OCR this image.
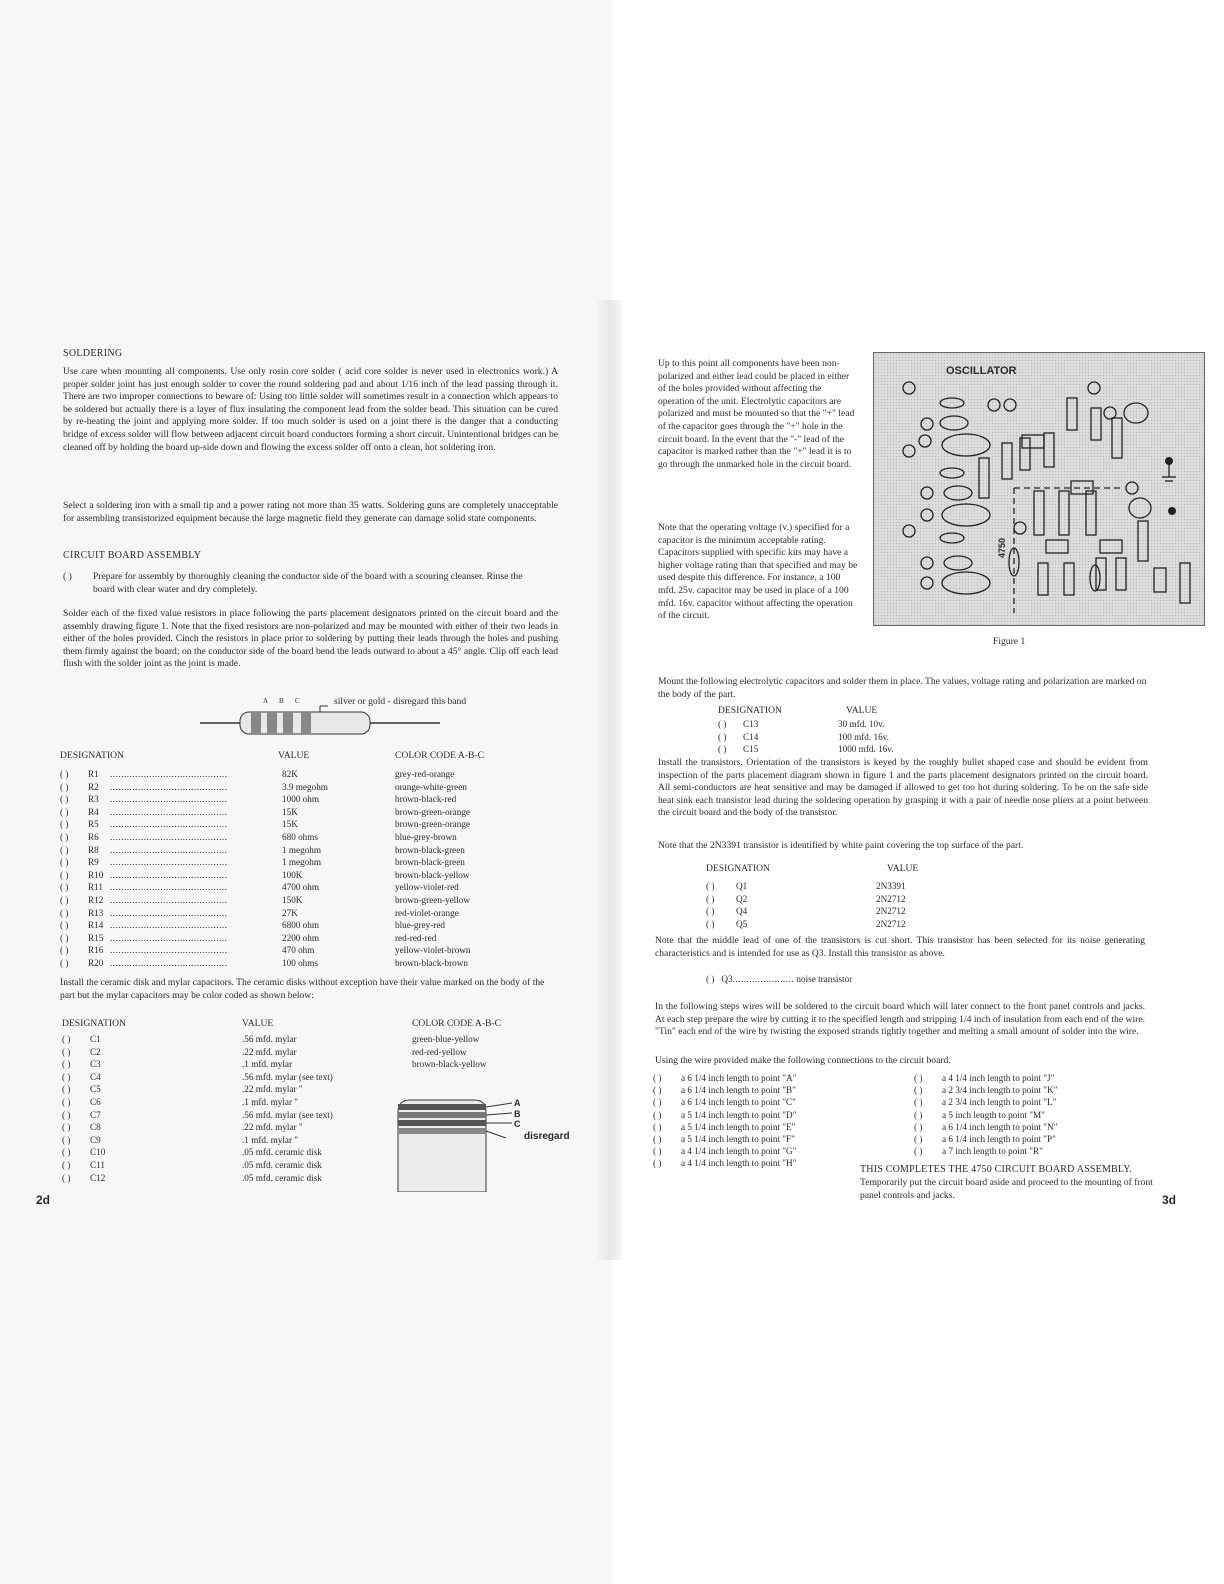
SOLDERING
Use care when mounting all components. Use only rosin core solder ( acid core solder is never used in electronics work.) A proper solder joint has just enough solder to cover the round soldering pad and about 1/16 inch of the lead passing through it. There are two improper connections to beware of: Using too little solder will sometimes result in a connection which appears to be soldered but actually there is a layer of flux insulating the component lead from the solder bead. This situation can be cured by re-heating the joint and applying more solder. If too much solder is used on a joint there is the danger that a conducting bridge of excess solder will flow between adjacent circuit board conductors forming a short circuit. Unintentional bridges can be cleaned off by holding the board up-side down and flowing the excess solder off onto a clean, hot soldering iron.
Select a soldering iron with a small tip and a power rating not more than 35 watts. Soldering guns are completely unacceptable for assembling transistorized equipment because the large magnetic field they generate can damage solid state components.
CIRCUIT BOARD ASSEMBLY
( ) Prepare for assembly by thoroughly cleaning the conductor side of the board with a scouring cleanser. Rinse the board with clear water and dry completely.
Solder each of the fixed value resistors in place following the parts placement designators printed on the circuit board and the assembly drawing figure 1. Note that the fixed resistors are non-polarized and may be mounted with either of their two leads in either of the holes provided. Cinch the resistors in place prior to soldering by putting their leads through the holes and pushing them firmly against the board; on the conductor side of the board bend the leads outward to about a 45° angle. Clip off each lead flush with the solder joint as the joint is made.
A B C	silver or gold - disregard this band
DESIGNATION	VALUE	COLOR CODE A-B-C
( ) R1 ..........................................	82K	grey-red-orange
( ) R2 ..........................................	3.9 megohm	orange-white-green
( ) R3 ..........................................	1000 ohm	brown-black-red
( ) R4 ..........................................	15K	brown-green-orange
( ) R5 ..........................................	15K	brown-green-orange
( ) R6 ..........................................	680 ohms	blue-grey-brown
( ) R8 ..........................................	1 megohm	brown-black-green
( ) R9 ..........................................	1 megohm	brown-black-green
( ) R10 ..........................................	100K	brown-black-yellow
( ) R11 ..........................................	4700 ohm	yellow-violet-red
( ) R12 ..........................................	150K	brown-green-yellow
( ) R13 ..........................................	27K	red-violet-orange
( ) R14 ..........................................	6800 ohm	blue-grey-red
( ) R15 ..........................................	2200 ohm	red-red-red
( ) R16 ..........................................	470 ohm	yellow-violet-brown
( ) R20 ..........................................	100 ohms	brown-black-brown
Install the ceramic disk and mylar capacitors. The ceramic disks without exception have their value marked on the body of the part but the mylar capacitors may be color coded as shown below:
DESIGNATION	VALUE	COLOR CODE A-B-C
( ) C1	.56 mfd. mylar	green-blue-yellow
( ) C2	.22 mfd. mylar	red-red-yellow
( ) C3	.1 mfd. mylar	brown-black-yellow
( ) C4	.56 mfd. mylar (see text)
( ) C5	.22 mfd. mylar "
( ) C6	.1 mfd. mylar "
( ) C7	.56 mfd. mylar (see text)
( ) C8	.22 mfd. mylar "
( ) C9	.1 mfd. mylar "
( ) C10	.05 mfd. ceramic disk
( ) C11	.05 mfd. ceramic disk
( ) C12	.05 mfd. ceramic disk
A
B
C
disregard
2d
Up to this point all components have been non-polarized and either lead could be placed in either of the holes provided without affecting the operation of the unit. Electrolytic capacitors are polarized and must be mounted so that the "+" lead of the capacitor goes through the "+" hole in the circuit board. In the event that the "-" lead of the capacitor is marked rather than the "+" lead it is to go through the unmarked hole in the circuit board.
Note that the operating voltage (v.) specified for a capacitor is the minimum acceptable rating. Capacitors supplied with specific kits may have a higher voltage rating than that specified and may be used despite this difference. For instance, a 100 mfd. 25v. capacitor may be used in place of a 100 mfd. 16v. capacitor without affecting the operation of the circuit.
OSCILLATOR
4750
Figure 1
Mount the following electrolytic capacitors and solder them in place. The values, voltage rating and polarization are marked on the body of the part.
DESIGNATION	VALUE
( ) C13	30 mfd. 10v.
( ) C14	100 mfd. 16v.
( ) C15	1000 mfd. 16v.
Install the transistors. Orientation of the transistors is keyed by the roughly bullet shaped case and should be evident from inspection of the parts placement diagram shown in figure 1 and the parts placement designators printed on the circuit board. All semi-conductors are heat sensitive and may be damaged if allowed to get too hot during soldering. To be on the safe side heat sink each transistor lead during the soldering operation by grasping it with a pair of needle nose pliers at a point between the circuit board and the body of the transistor.
Note that the 2N3391 transistor is identified by white paint covering the top surface of the part.
DESIGNATION	VALUE
( ) Q1	2N3391
( ) Q2	2N2712
( ) Q4	2N2712
( ) Q5	2N2712
Note that the middle lead of one of the transistors is cut short. This transistor has been selected for its noise generating characteristics and is intended for use as Q3. Install this transistor as above.
( )   Q3...................... noise transistor
In the following steps wires will be soldered to the circuit board which will later connect to the front panel controls and jacks. At each step prepare the wire by cutting it to the specified length and stripping 1/4 inch of insulation from each end of the wire. "Tin" each end of the wire by twisting the exposed strands tightly together and melting a small amount of solder into the wire.
Using the wire provided make the following connections to the circuit board.
( ) a 6 1/4 inch length to point "A"
( ) a 6 1/4 inch length to point "B"
( ) a 6 1/4 inch length to point "C"
( ) a 5 1/4 inch length to point "D"
( ) a 5 1/4 inch length to point "E"
( ) a 5 1/4 inch length to point "F"
( ) a 4 1/4 inch length to point "G"
( ) a 4 1/4 inch length to point "H"
( ) a 4 1/4 inch length to point "J"
( ) a 2 3/4 inch length to point "K"
( ) a 2 3/4 inch length to point "L"
( ) a 5 inch length to point "M"
( ) a 6 1/4 inch length to point "N"
( ) a 6 1/4 inch length to point "P"
( ) a 7 inch length to point "R"
THIS COMPLETES THE 4750 CIRCUIT BOARD ASSEMBLY.
Temporarily put the circuit board aside and proceed to the mounting of front panel controls and jacks.	3d
